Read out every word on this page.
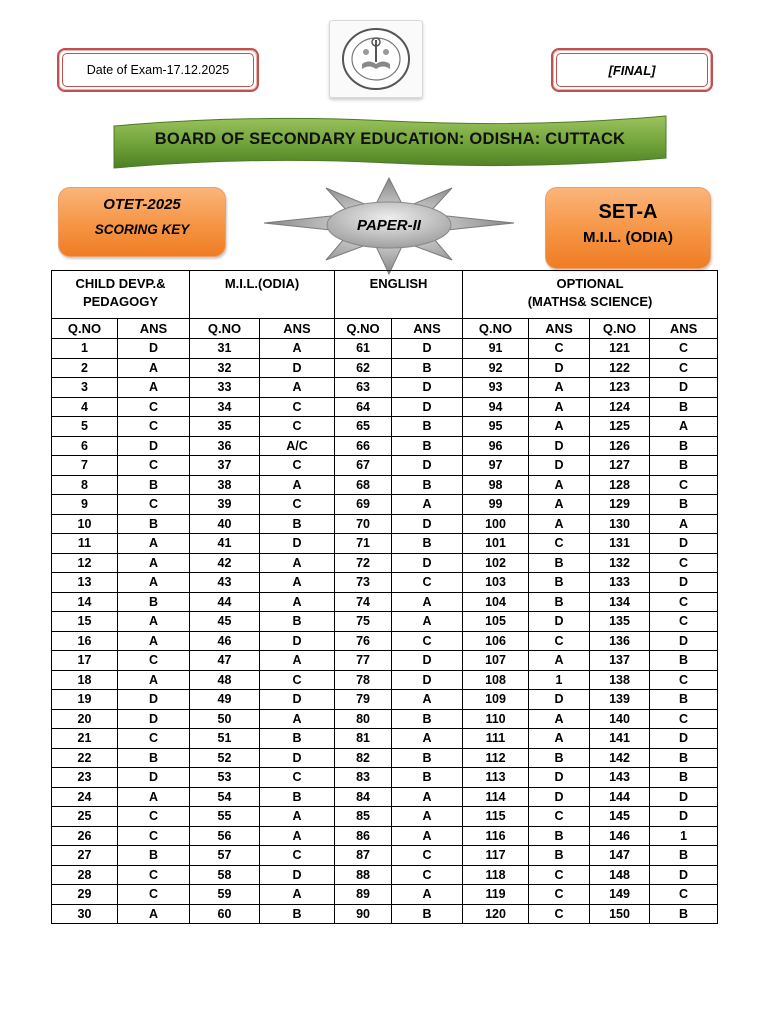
Date of Exam-17.12.2025	[FINAL]
BOARD OF SECONDARY EDUCATION: ODISHA: CUTTACK
OTET-2025
SCORING KEY	PAPER-II
SET-A
M.I.L. (ODIA)
CHILD DEVP.&
PEDAGOGY		M.I.L.(ODIA)		ENGLISH		OPTIONAL
(MATHS& SCIENCE)			
Q.NO	ANS	Q.NO	ANS	Q.NO	ANS	Q.NO	ANS	Q.NO	ANS
1	D	31	A	61	D	91	C	121	C
2	A	32	D	62	B	92	D	122	C
3	A	33	A	63	D	93	A	123	D
4	C	34	C	64	D	94	A	124	B
5	C	35	C	65	B	95	A	125	A
6	D	36	A/C	66	B	96	D	126	B
7	C	37	C	67	D	97	D	127	B
8	B	38	A	68	B	98	A	128	C
9	C	39	C	69	A	99	A	129	B
10	B	40	B	70	D	100	A	130	A
11	A	41	D	71	B	101	C	131	D
12	A	42	A	72	D	102	B	132	C
13	A	43	A	73	C	103	B	133	D
14	B	44	A	74	A	104	B	134	C
15	A	45	B	75	A	105	D	135	C
16	A	46	D	76	C	106	C	136	D
17	C	47	A	77	D	107	A	137	B
18	A	48	C	78	D	108	1	138	C
19	D	49	D	79	A	109	D	139	B
20	D	50	A	80	B	110	A	140	C
21	C	51	B	81	A	111	A	141	D
22	B	52	D	82	B	112	B	142	B
23	D	53	C	83	B	113	D	143	B
24	A	54	B	84	A	114	D	144	D
25	C	55	A	85	A	115	C	145	D
26	C	56	A	86	A	116	B	146	1
27	B	57	C	87	C	117	B	147	B
28	C	58	D	88	C	118	C	148	D
29	C	59	A	89	A	119	C	149	C
30	A	60	B	90	B	120	C	150	B
